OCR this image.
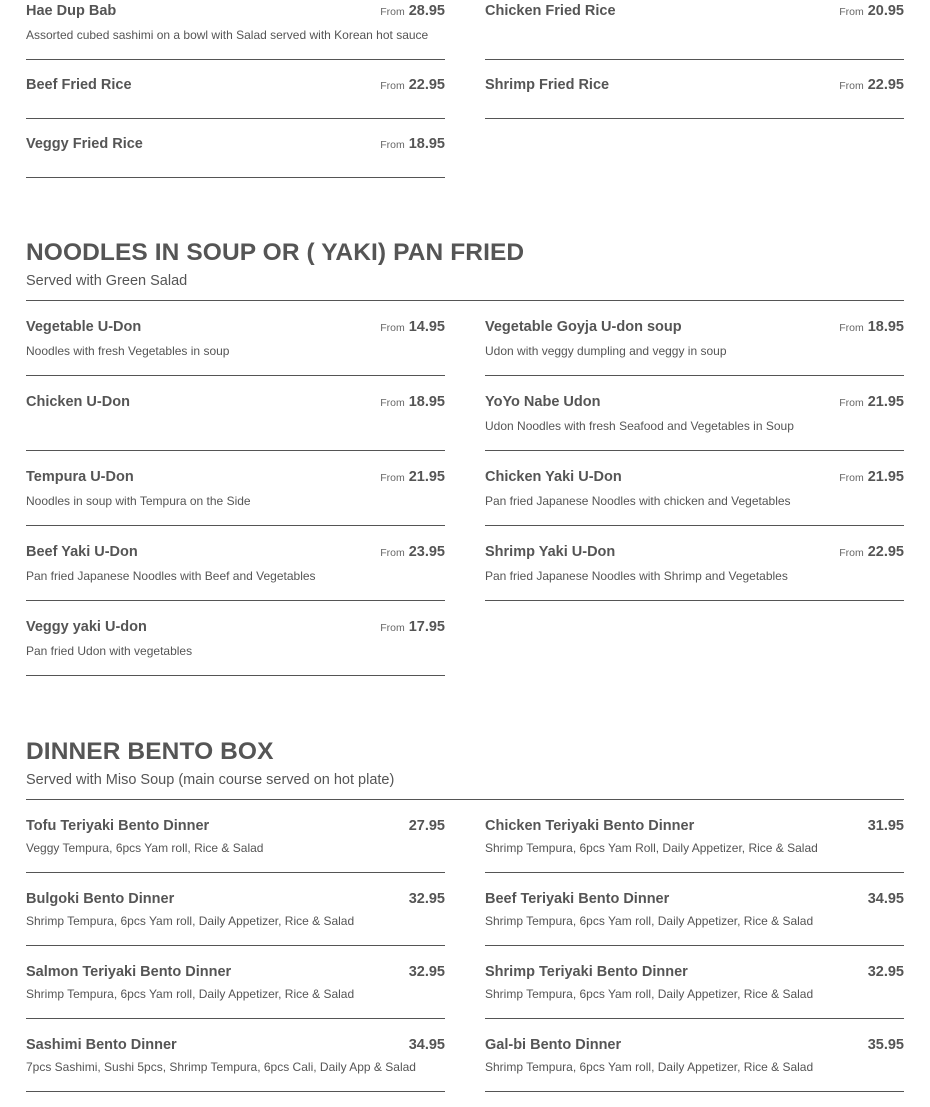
Hae Dup Bab	From 28.95
Assorted cubed sashimi on a bowl with Salad served with Korean hot sauce
Beef Fried Rice	From 22.95
Veggy Fried Rice	From 18.95
Chicken Fried Rice	From 20.95
Shrimp Fried Rice	From 22.95
NOODLES IN SOUP OR ( YAKI) PAN FRIED
Served with Green Salad
Vegetable U-Don	From 14.95
Noodles with fresh Vegetables in soup
Chicken U-Don	From 18.95
Tempura U-Don	From 21.95
Noodles in soup with Tempura on the Side
Beef Yaki U-Don	From 23.95
Pan fried Japanese Noodles with Beef and Vegetables
Veggy yaki U-don	From 17.95
Pan fried Udon with vegetables
Vegetable Goyja U-don soup	From 18.95
Udon with veggy dumpling and veggy in soup
YoYo Nabe Udon	From 21.95
Udon Noodles with fresh Seafood and Vegetables in Soup
Chicken Yaki U-Don	From 21.95
Pan fried Japanese Noodles with chicken and Vegetables
Shrimp Yaki U-Don	From 22.95
Pan fried Japanese Noodles with Shrimp and Vegetables
DINNER BENTO BOX
Served with Miso Soup (main course served on hot plate)
Tofu Teriyaki Bento Dinner	27.95
Veggy Tempura, 6pcs Yam roll, Rice & Salad
Bulgoki Bento Dinner	32.95
Shrimp Tempura, 6pcs Yam roll, Daily Appetizer, Rice & Salad
Salmon Teriyaki Bento Dinner	32.95
Shrimp Tempura, 6pcs Yam roll, Daily Appetizer, Rice & Salad
Sashimi Bento Dinner	34.95
7pcs Sashimi, Sushi 5pcs, Shrimp Tempura, 6pcs Cali, Daily App & Salad
Chicken Teriyaki Bento Dinner	31.95
Shrimp Tempura, 6pcs Yam Roll, Daily Appetizer, Rice & Salad
Beef Teriyaki Bento Dinner	34.95
Shrimp Tempura, 6pcs Yam roll, Daily Appetizer, Rice & Salad
Shrimp Teriyaki Bento Dinner	32.95
Shrimp Tempura, 6pcs Yam roll, Daily Appetizer, Rice & Salad
Gal-bi Bento Dinner	35.95
Shrimp Tempura, 6pcs Yam roll, Daily Appetizer, Rice & Salad
